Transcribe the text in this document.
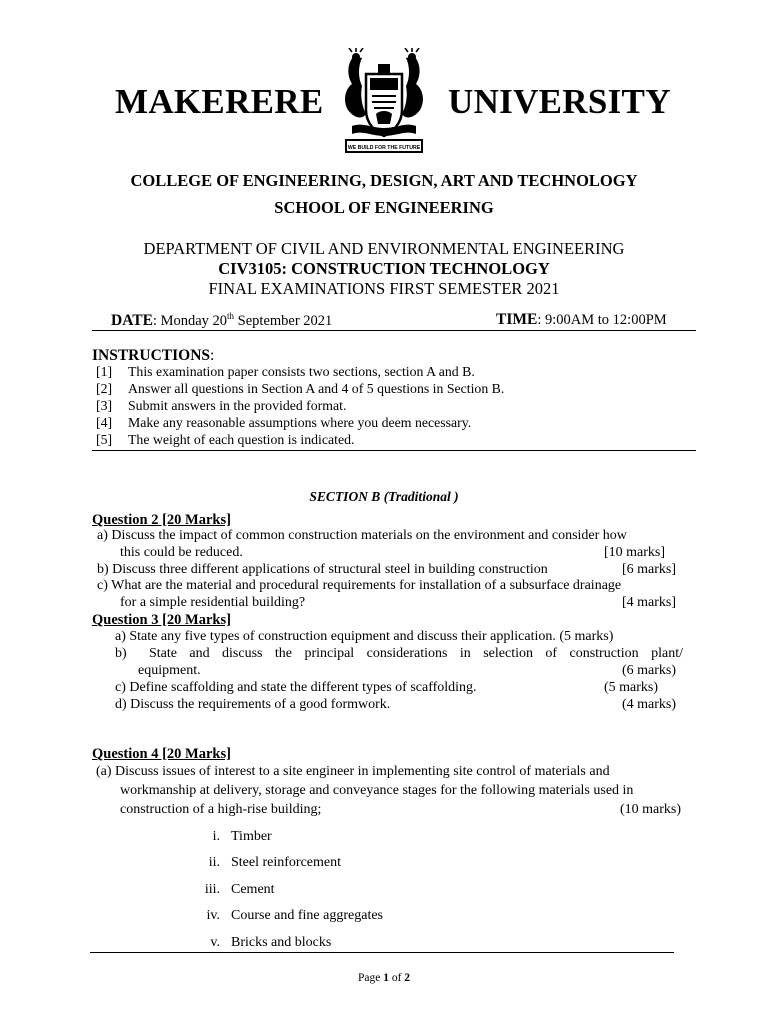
MAKERERE
WE BUILD FOR THE FUTURE
UNIVERSITY
COLLEGE OF ENGINEERING, DESIGN, ART AND TECHNOLOGY
SCHOOL OF ENGINEERING
DEPARTMENT OF CIVIL AND ENVIRONMENTAL ENGINEERING
CIV3105: CONSTRUCTION TECHNOLOGY
FINAL EXAMINATIONS FIRST SEMESTER 2021
DATE: Monday 20th September 2021	TIME: 9:00AM to 12:00PM
INSTRUCTIONS:
[1] This examination paper consists two sections, section A and B.
[2] Answer all questions in Section A and 4 of 5 questions in Section B.
[3] Submit answers in the provided format.
[4] Make any reasonable assumptions where you deem necessary.
[5] The weight of each question is indicated.
SECTION B (Traditional )
Question 2 [20 Marks]
a) Discuss the impact of common construction materials on the environment and consider how
this could be reduced.	[10 marks]
b) Discuss three different applications of structural steel in building construction	[6 marks]
c) What are the material and procedural requirements for installation of a subsurface drainage
for a simple residential building?	[4 marks]
Question 3 [20 Marks]
a) State any five types of construction equipment and discuss their application. (5 marks)
b) State and discuss the principal considerations in selection of construction plant/
equipment.	(6 marks)
c) Define scaffolding and state the different types of scaffolding.	(5 marks)
d) Discuss the requirements of a good formwork.	(4 marks)
Question 4 [20 Marks]
(a) Discuss issues of interest to a site engineer in implementing site control of materials and
workmanship at delivery, storage and conveyance stages for the following materials used in
construction of a high-rise building;	(10 marks)
i. Timber
ii. Steel reinforcement
iii. Cement
iv. Course and fine aggregates
v. Bricks and blocks
Page 1 of 2
